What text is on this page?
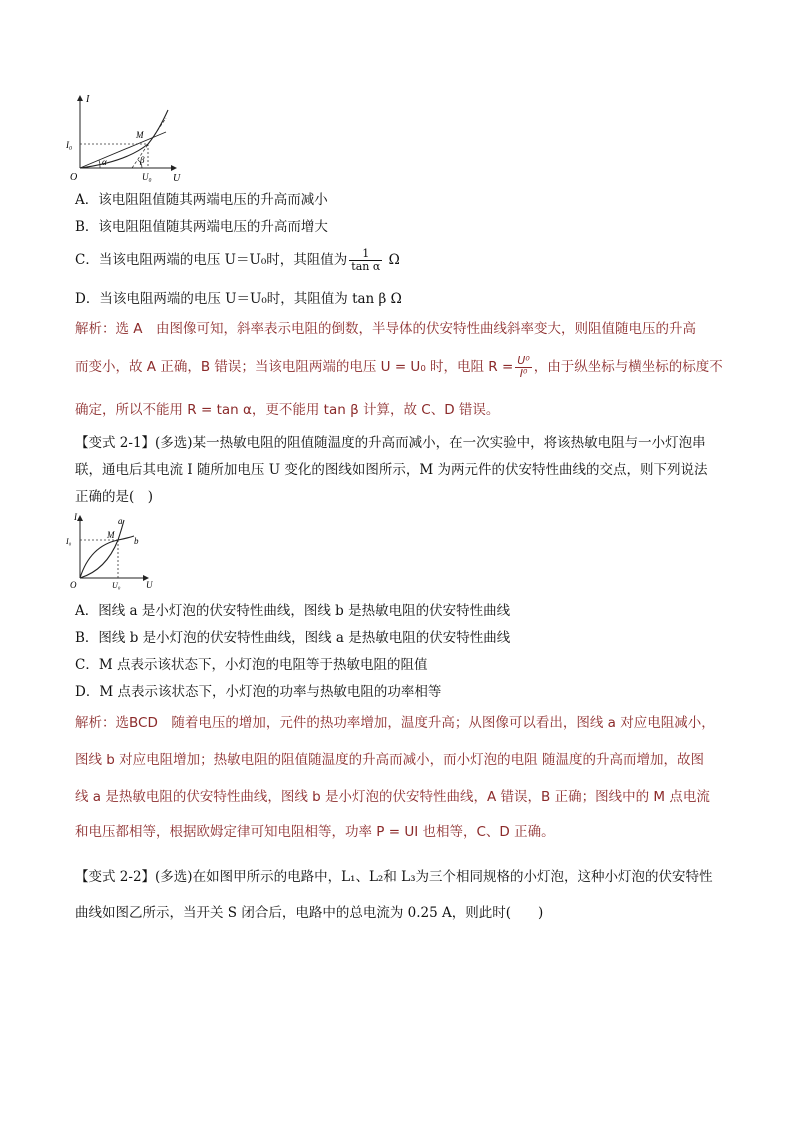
I
U
O
I₀
U₀
M
α	β
A．该电阻阻值随其两端电压的升高而减小
B．该电阻阻值随其两端电压的升高而增大
C．当该电阻两端的电压 U＝U₀时，其阻值为 $\frac{1}{\text{tan α}}$ Ω
D．当该电阻两端的电压 U＝U₀时，其阻值为 tan β Ω
解析：选 A　由图像可知，斜率表示电阻的倒数，半导体的伏安特性曲线斜率变大，则阻值随电压的升高
而变小，故 A 正确，B 错误；当该电阻两端的电压 U = U₀ 时，电阻 $R = \frac{\text{U⁰}}{\text{I⁰}}$ ，由于纵坐标与横坐标的标度不
确定，所以不能用 R = tan α，更不能用 tan β 计算，故 C、D 错误。
【变式 2-1】(多选)某一热敏电阻的阻值随温度的升高而减小，在一次实验中，将该热敏电阻与一小灯泡串
联，通电后其电流 I 随所加电压 U 变化的图线如图所示，M 为两元件的伏安特性曲线的交点，则下列说法
正确的是(　)
I
U
O
I₀
U₀
M
a
b
A．图线 a 是小灯泡的伏安特性曲线，图线 b 是热敏电阻的伏安特性曲线
B．图线 b 是小灯泡的伏安特性曲线，图线 a 是热敏电阻的伏安特性曲线
C．M 点表示该状态下，小灯泡的电阻等于热敏电阻的阻值
D．M 点表示该状态下，小灯泡的功率与热敏电阻的功率相等
解析：选BCD　随着电压的增加，元件的热功率增加，温度升高；从图像可以看出，图线 a 对应电阻减小，
图线 b 对应电阻增加；热敏电阻的阻值随温度的升高而减小，而小灯泡的电阻 随温度的升高而增加，故图
线 a 是热敏电阻的伏安特性曲线，图线 b 是小灯泡的伏安特性曲线，A 错误，B 正确；图线中的 M 点电流
和电压都相等，根据欧姆定律可知电阻相等，功率 P = UI 也相等，C、D 正确。
【变式 2-2】(多选)在如图甲所示的电路中，L₁、L₂和 L₃为三个相同规格的小灯泡，这种小灯泡的伏安特性
曲线如图乙所示，当开关 S 闭合后，电路中的总电流为 0.25 A，则此时(　　)
